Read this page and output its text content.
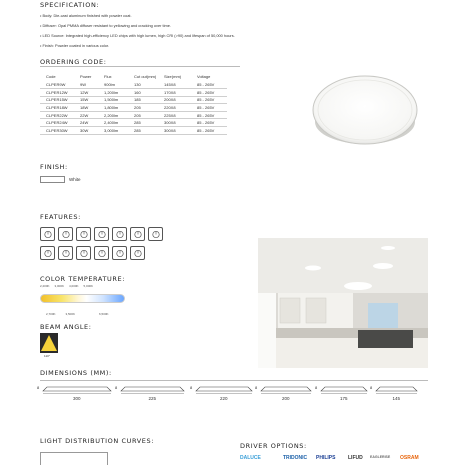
SPECIFICATION:
• Body: Die-cast aluminum finished with powder coat.
• Diffuser: Opal PMMA diffuser resistant to yellowing and cracking over time.
• LED Source: Integrated high-efficiency LED chips with high lumen, high CRI (>90) and lifespan of 50,000 hours.
• Finish: Powder coated in various color.
ORDERING CODE:
Code	Power	Flux	Cut out(mm)	Size(mm)	Voltage
CLPER9W	9W	900lm	130	145X8	85 - 265V
CLPER12W	12W	1,200lm	160	170X8	85 - 265V
CLPER15W	15W	1,500lm	185	200X8	85 - 265V
CLPER18W	18W	1,800lm	205	220X8	85 - 265V
CLPER22W	22W	2,200lm	205	225X8	85 - 265V
CLPER24W	24W	2,400lm	285	300X8	85 - 265V
CLPER30W	30W	3,000lm	285	300X8	85 - 265V
FINISH:
White
FEATURES:
COLOR TEMPERATURE:
2,200K 3,000K 4,000K 5,000K
2,700K	3,500K	6,500K
BEAM ANGLE:
110°
DIMENSIONS (MM):
8
300
8
225
8
220
8
200
8
175
8
145
LIGHT DISTRIBUTION CURVES:
DRIVER OPTIONS:
DALUCE	TRIDONIC PHILIPS	LIFUD EAGLERISE OSRAM
